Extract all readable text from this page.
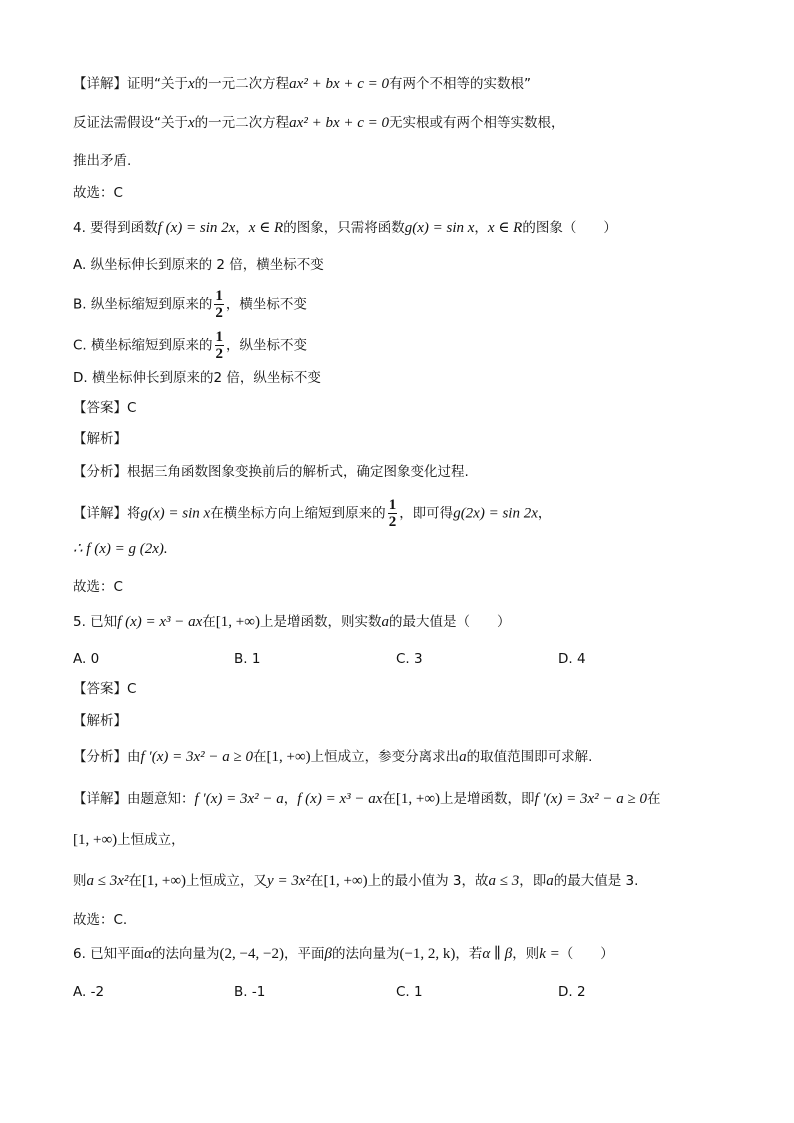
【详解】证明“关于x的一元二次方程ax² + bx + c = 0有两个不相等的实数根”
反证法需假设“关于x的一元二次方程ax² + bx + c = 0无实根或有两个相等实数根，
推出矛盾.
故选：C
4. 要得到函数f (x) = sin 2x，x ∈ R的图象，只需将函数g(x) = sin x，x ∈ R的图象（　　）
A. 纵坐标伸长到原来的 2 倍，横坐标不变
B. 纵坐标缩短到原来的 $\frac{1}{2}$ ，横坐标不变
C. 横坐标缩短到原来的 $\frac{1}{2}$ ，纵坐标不变
D. 横坐标伸长到原来的2 倍，纵坐标不变
【答案】C
【解析】
【分析】根据三角函数图象变换前后的解析式，确定图象变化过程.
【详解】将g(x) = sin x在横坐标方向上缩短到原来的 $\frac{1}{2}$ ，即可得g(2x) = sin 2x，
∴ f (x) = g (2x).
故选：C
5. 已知f (x) = x³ − ax在[1, +∞)上是增函数，则实数a的最大值是（　　）
A. 0	B. 1	C. 3	D. 4
【答案】C
【解析】
【分析】由f ′(x) = 3x² − a ≥ 0在[1, +∞)上恒成立，参变分离求出a的取值范围即可求解.
【详解】由题意知：f ′(x) = 3x² − a，f (x) = x³ − ax在[1, +∞)上是增函数，即f ′(x) = 3x² − a ≥ 0在
[1, +∞)上恒成立，
则a ≤ 3x²在[1, +∞)上恒成立，又y = 3x²在[1, +∞)上的最小值为 3，故a ≤ 3，即a的最大值是 3.
故选：C.
6. 已知平面α的法向量为(2, −4, −2)，平面β的法向量为(−1, 2, k)，若α ∥ β，则k =（　　）
A. -2	B. -1	C. 1	D. 2
